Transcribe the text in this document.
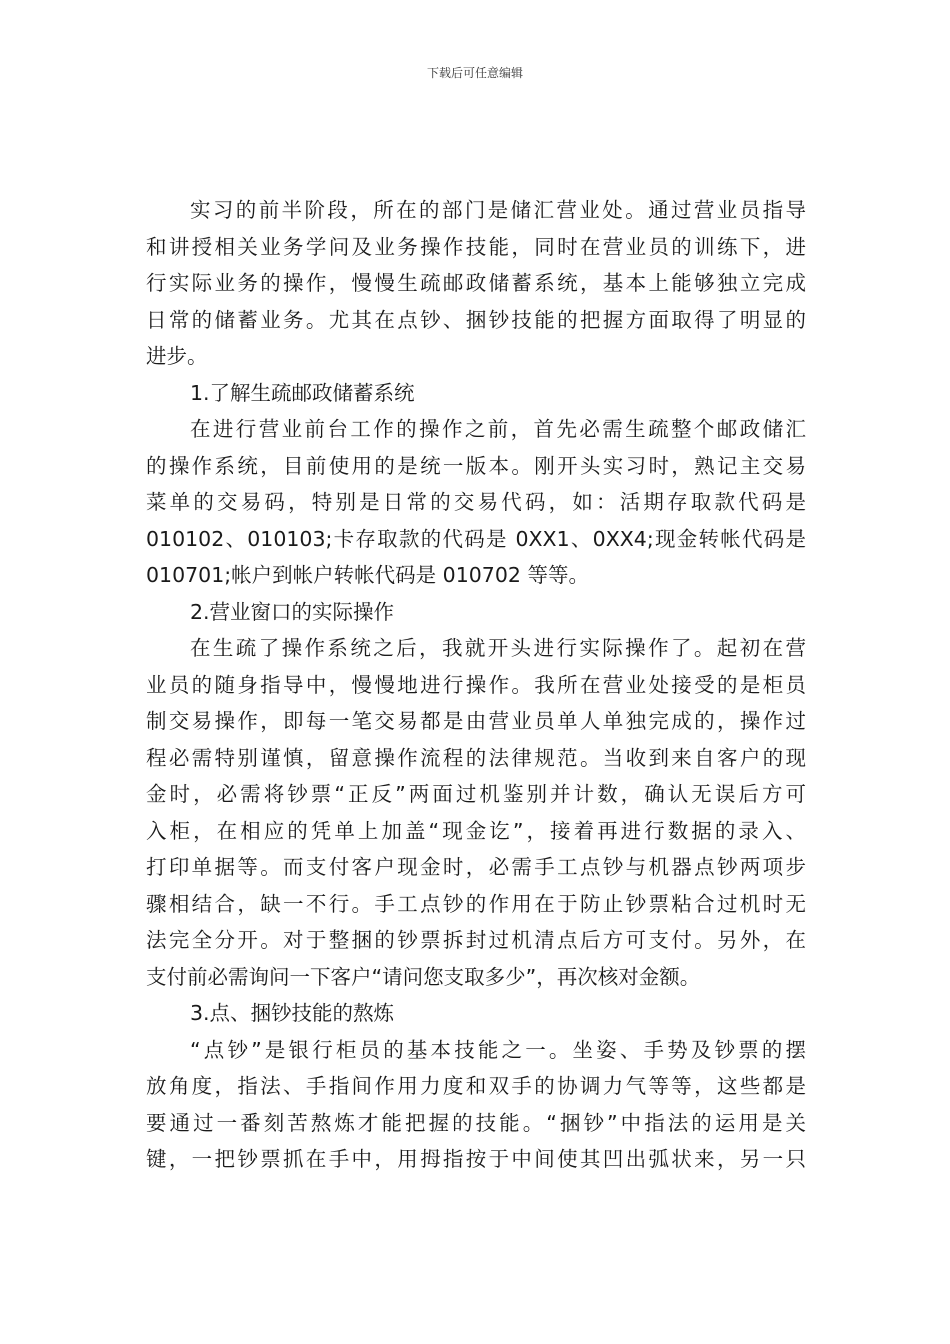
下载后可任意编辑
实习的前半阶段，所在的部门是储汇营业处。通过营业员指导
和讲授相关业务学问及业务操作技能，同时在营业员的训练下，进
行实际业务的操作，慢慢生疏邮政储蓄系统，基本上能够独立完成
日常的储蓄业务。尤其在点钞、捆钞技能的把握方面取得了明显的
进步。
1.了解生疏邮政储蓄系统
在进行营业前台工作的操作之前，首先必需生疏整个邮政储汇
的操作系统，目前使用的是统一版本。刚开头实习时，熟记主交易
菜单的交易码，特别是日常的交易代码，如：活期存取款代码是
010102、010103;卡存取款的代码是 0XX1、0XX4;现金转帐代码是
010701;帐户到帐户转帐代码是 010702 等等。
2.营业窗口的实际操作
在生疏了操作系统之后，我就开头进行实际操作了。起初在营
业员的随身指导中，慢慢地进行操作。我所在营业处接受的是柜员
制交易操作，即每一笔交易都是由营业员单人单独完成的，操作过
程必需特别谨慎，留意操作流程的法律规范。当收到来自客户的现
金时，必需将钞票“正反”两面过机鉴别并计数，确认无误后方可
入柜，在相应的凭单上加盖“现金讫”，接着再进行数据的录入、
打印单据等。而支付客户现金时，必需手工点钞与机器点钞两项步
骤相结合，缺一不行。手工点钞的作用在于防止钞票粘合过机时无
法完全分开。对于整捆的钞票拆封过机清点后方可支付。另外，在
支付前必需询问一下客户“请问您支取多少”，再次核对金额。
3.点、捆钞技能的熬炼
“点钞”是银行柜员的基本技能之一。坐姿、手势及钞票的摆
放角度，指法、手指间作用力度和双手的协调力气等等，这些都是
要通过一番刻苦熬炼才能把握的技能。“捆钞”中指法的运用是关
键，一把钞票抓在手中，用拇指按于中间使其凹出弧状来，另一只
